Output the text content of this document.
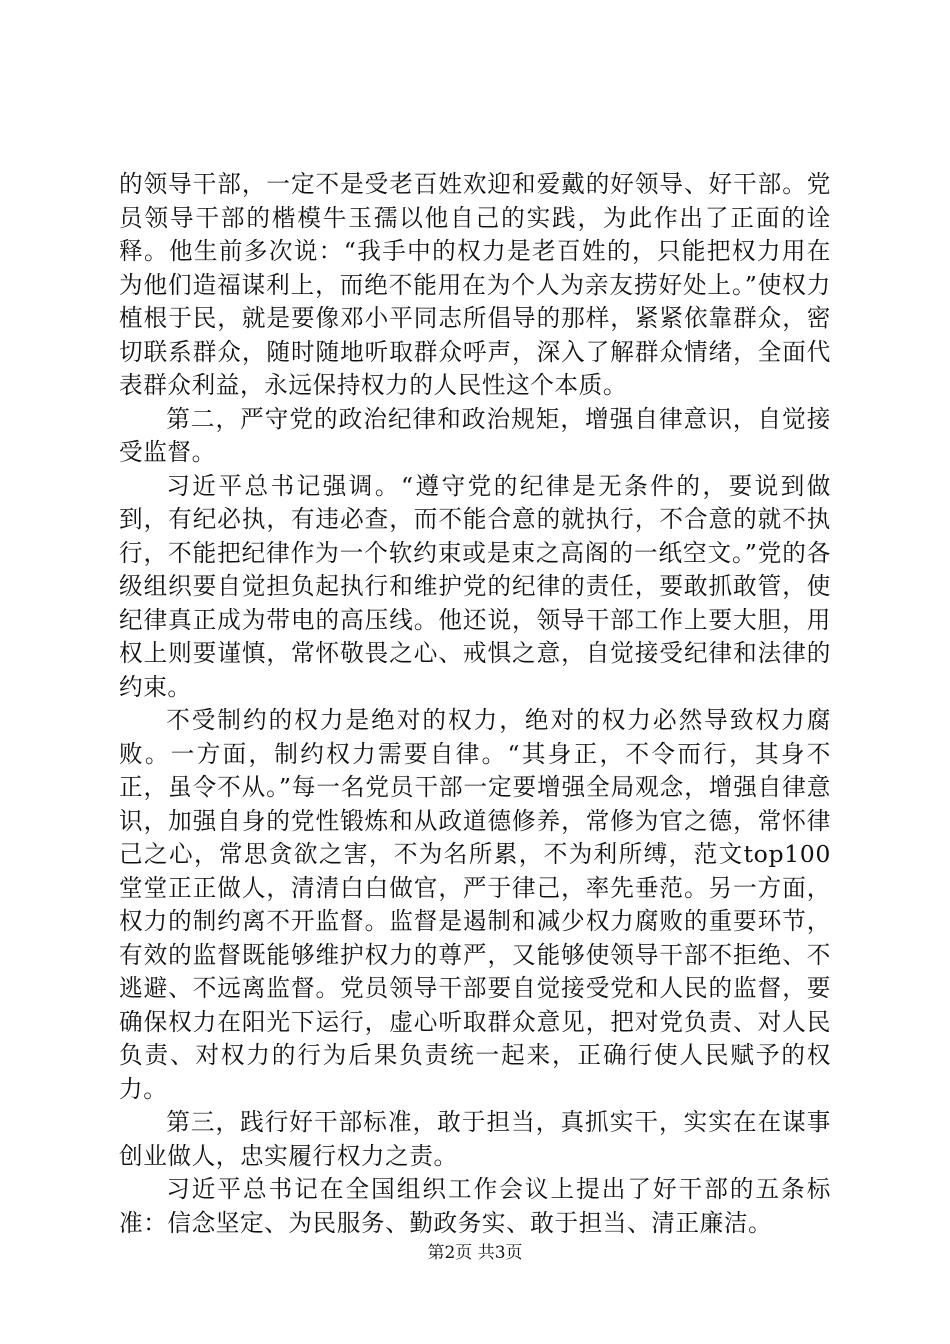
的领导干部，一定不是受老百姓欢迎和爱戴的好领导、好干部。党员领导干部的楷模牛玉孺以他自己的实践，为此作出了正面的诠释。他生前多次说：“我手中的权力是老百姓的，只能把权力用在为他们造福谋利上，而绝不能用在为个人为亲友捞好处上。”使权力植根于民，就是要像邓小平同志所倡导的那样，紧紧依靠群众，密切联系群众，随时随地听取群众呼声，深入了解群众情绪，全面代表群众利益，永远保持权力的人民性这个本质。

第二，严守党的政治纪律和政治规矩，增强自律意识，自觉接受监督。

习近平总书记强调。“遵守党的纪律是无条件的，要说到做到，有纪必执，有违必查，而不能合意的就执行，不合意的就不执行，不能把纪律作为一个软约束或是束之高阁的一纸空文。”党的各级组织要自觉担负起执行和维护党的纪律的责任，要敢抓敢管，使纪律真正成为带电的高压线。他还说，领导干部工作上要大胆，用权上则要谨慎，常怀敬畏之心、戒惧之意，自觉接受纪律和法律的约束。

不受制约的权力是绝对的权力，绝对的权力必然导致权力腐败。一方面，制约权力需要自律。“其身正，不令而行，其身不正，虽令不从。”每一名党员干部一定要增强全局观念，增强自律意识，加强自身的党性锻炼和从政道德修养，常修为官之德，常怀律己之心，常思贪欲之害，不为名所累，不为利所缚，范文top100堂堂正正做人，清清白白做官，严于律己，率先垂范。另一方面，权力的制约离不开监督。监督是遏制和减少权力腐败的重要环节，有效的监督既能够维护权力的尊严，又能够使领导干部不拒绝、不逃避、不远离监督。党员领导干部要自觉接受党和人民的监督，要确保权力在阳光下运行，虚心听取群众意见，把对党负责、对人民负责、对权力的行为后果负责统一起来，正确行使人民赋予的权力。

第三，践行好干部标准，敢于担当，真抓实干，实实在在谋事创业做人，忠实履行权力之责。

习近平总书记在全国组织工作会议上提出了好干部的五条标准：信念坚定、为民服务、勤政务实、敢于担当、清正廉洁。

第2页 共3页
